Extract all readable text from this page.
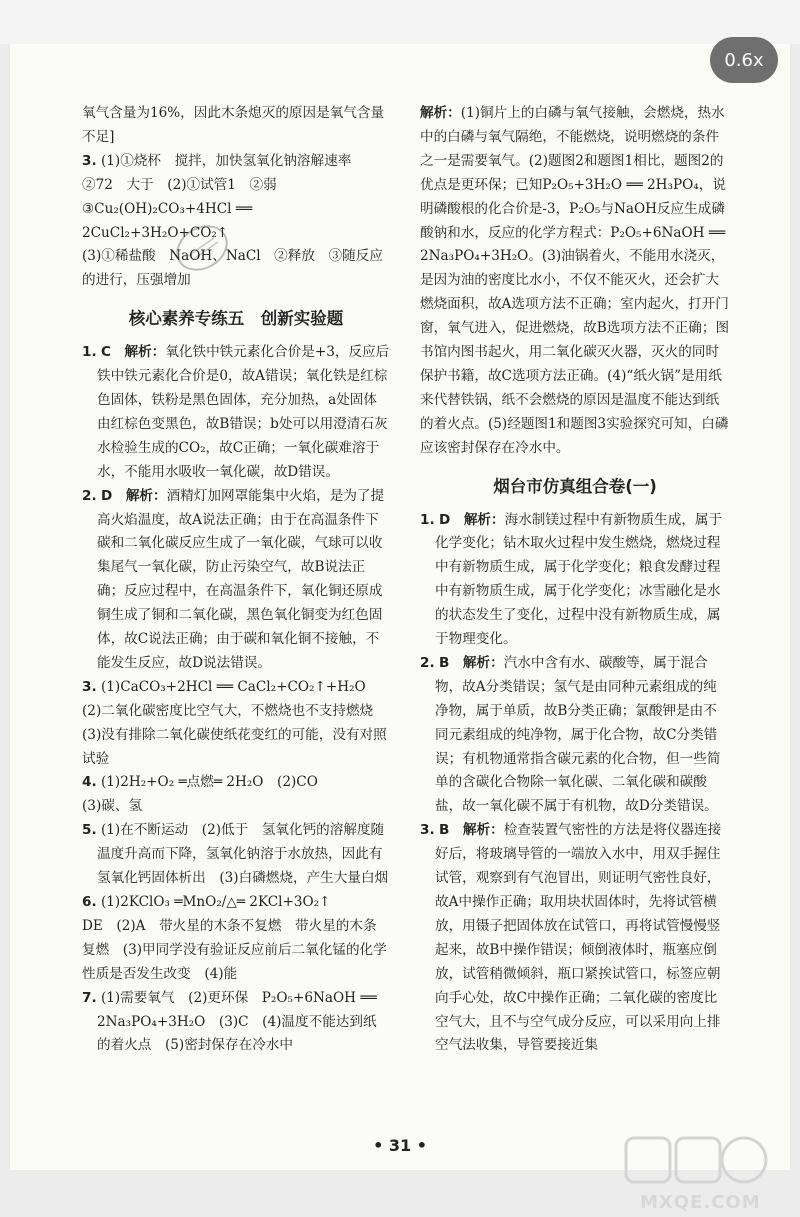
0.6x

氧气含量为16%，因此木条熄灭的原因是氧气含量不足]

3. (1)①烧杯　搅拌，加快氢氧化钠溶解速率

②72　大于　(2)①试管1　②弱

③Cu₂(OH)₂CO₃+4HCl ══ 2CuCl₂+3H₂O+CO₂↑

(3)①稀盐酸　NaOH、NaCl　②释放　③随反应的进行，压强增加

核心素养专练五　创新实验题

1. C　解析：氧化铁中铁元素化合价是+3，反应后铁中铁元素化合价是0，故A错误；氧化铁是红棕色固体，铁粉是黑色固体，充分加热，a处固体由红棕色变黑色，故B错误；b处可以用澄清石灰水检验生成的CO₂，故C正确；一氧化碳难溶于水，不能用水吸收一氧化碳，故D错误。

2. D　解析：酒精灯加网罩能集中火焰，是为了提高火焰温度，故A说法正确；由于在高温条件下碳和二氧化碳反应生成了一氧化碳，气球可以收集尾气一氧化碳，防止污染空气，故B说法正确；反应过程中，在高温条件下，氧化铜还原成铜生成了铜和二氧化碳，黑色氧化铜变为红色固体，故C说法正确；由于碳和氧化铜不接触，不能发生反应，故D说法错误。

3. (1)CaCO₃+2HCl ══ CaCl₂+CO₂↑+H₂O

(2)二氧化碳密度比空气大，不燃烧也不支持燃烧

(3)没有排除二氧化碳使纸花变红的可能，没有对照试验

4. (1)2H₂+O₂ ═点燃═ 2H₂O　(2)CO

(3)碳、氢

5. (1)在不断运动　(2)低于　氢氧化钙的溶解度随温度升高而下降，氢氧化钠溶于水放热，因此有氢氧化钙固体析出　(3)白磷燃烧，产生大量白烟

6. (1)2KClO₃ ═MnO₂/△═ 2KCl+3O₂↑

DE　(2)A　带火星的木条不复燃　带火星的木条复燃　(3)甲同学没有验证反应前后二氧化锰的化学性质是否发生改变　(4)能

7. (1)需要氧气　(2)更环保　P₂O₅+6NaOH ══ 2Na₃PO₄+3H₂O　(3)C　(4)温度不能达到纸的着火点　(5)密封保存在冷水中

解析：(1)铜片上的白磷与氧气接触，会燃烧，热水中的白磷与氧气隔绝，不能燃烧，说明燃烧的条件之一是需要氧气。(2)题图2和题图1相比，题图2的优点是更环保；已知P₂O₅+3H₂O ══ 2H₃PO₄，说明磷酸根的化合价是-3，P₂O₅与NaOH反应生成磷酸钠和水，反应的化学方程式：P₂O₅+6NaOH ══ 2Na₃PO₄+3H₂O。(3)油锅着火，不能用水浇灭，是因为油的密度比水小，不仅不能灭火，还会扩大燃烧面积，故A选项方法不正确；室内起火，打开门窗，氧气进入，促进燃烧，故B选项方法不正确；图书馆内图书起火，用二氧化碳灭火器，灭火的同时保护书籍，故C选项方法正确。(4)“纸火锅”是用纸来代替铁锅，纸不会燃烧的原因是温度不能达到纸的着火点。(5)经题图1和题图3实验探究可知，白磷应该密封保存在冷水中。

烟台市仿真组合卷(一)

1. D　解析：海水制镁过程中有新物质生成，属于化学变化；钻木取火过程中发生燃烧，燃烧过程中有新物质生成，属于化学变化；粮食发酵过程中有新物质生成，属于化学变化；冰雪融化是水的状态发生了变化，过程中没有新物质生成，属于物理变化。

2. B　解析：汽水中含有水、碳酸等，属于混合物，故A分类错误；氢气是由同种元素组成的纯净物，属于单质，故B分类正确；氯酸钾是由不同元素组成的纯净物，属于化合物，故C分类错误；有机物通常指含碳元素的化合物，但一些简单的含碳化合物除一氧化碳、二氧化碳和碳酸盐，故一氧化碳不属于有机物，故D分类错误。

3. B　解析：检查装置气密性的方法是将仪器连接好后，将玻璃导管的一端放入水中，用双手握住试管，观察到有气泡冒出，则证明气密性良好，故A中操作正确；取用块状固体时，先将试管横放，用镊子把固体放在试管口，再将试管慢慢竖起来，故B中操作错误；倾倒液体时，瓶塞应倒放，试管稍微倾斜，瓶口紧挨试管口，标签应朝向手心处，故C中操作正确；二氧化碳的密度比空气大，且不与空气成分反应，可以采用向上排空气法收集，导管要接近集

• 31 •
MXQE.COM
